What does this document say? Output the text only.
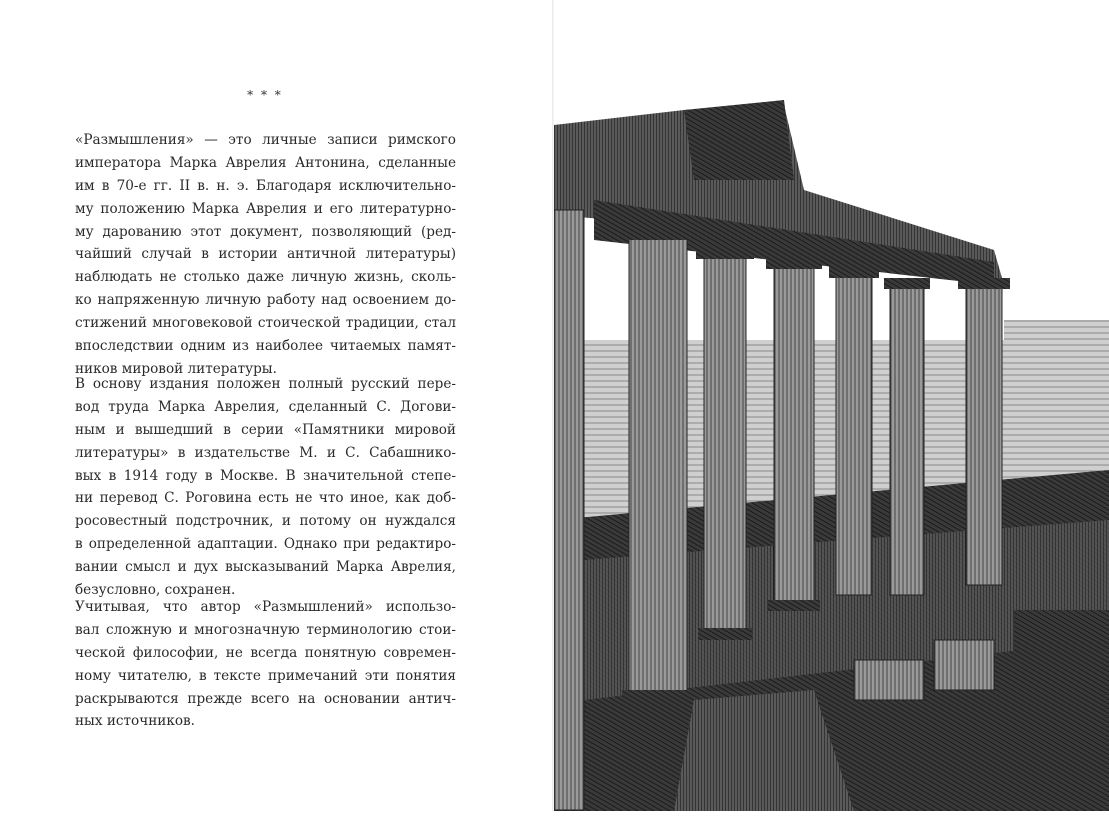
* * *
«Размышления» — это личные записи римского
императора Марка Аврелия Антонина, сделанные
им в 70-е гг. II в. н. э. Благодаря исключительно-
му положению Марка Аврелия и его литературно-
му дарованию этот документ, позволяющий (ред-
чайший случай в истории античной литературы)
наблюдать не столько даже личную жизнь, сколь-
ко напряженную личную работу над освоением до-
стижений многовековой стоической традиции, стал
впоследствии одним из наиболее читаемых памят-
ников мировой литературы.
В основу издания положен полный русский пере-
вод труда Марка Аврелия, сделанный С. Догови-
ным и вышедший в серии «Памятники мировой
литературы» в издательстве М. и С. Сабашнико-
вых в 1914 году в Москве. В значительной степе-
ни перевод С. Роговина есть не что иное, как доб-
росовестный подстрочник, и потому он нуждался
в определенной адаптации. Однако при редактиро-
вании смысл и дух высказываний Марка Аврелия,
безусловно, сохранен.
Учитывая, что автор «Размышлений» использо-
вал сложную и многозначную терминологию стои-
ческой философии, не всегда понятную современ-
ному читателю, в тексте примечаний эти понятия
раскрываются прежде всего на основании антич-
ных источников.
